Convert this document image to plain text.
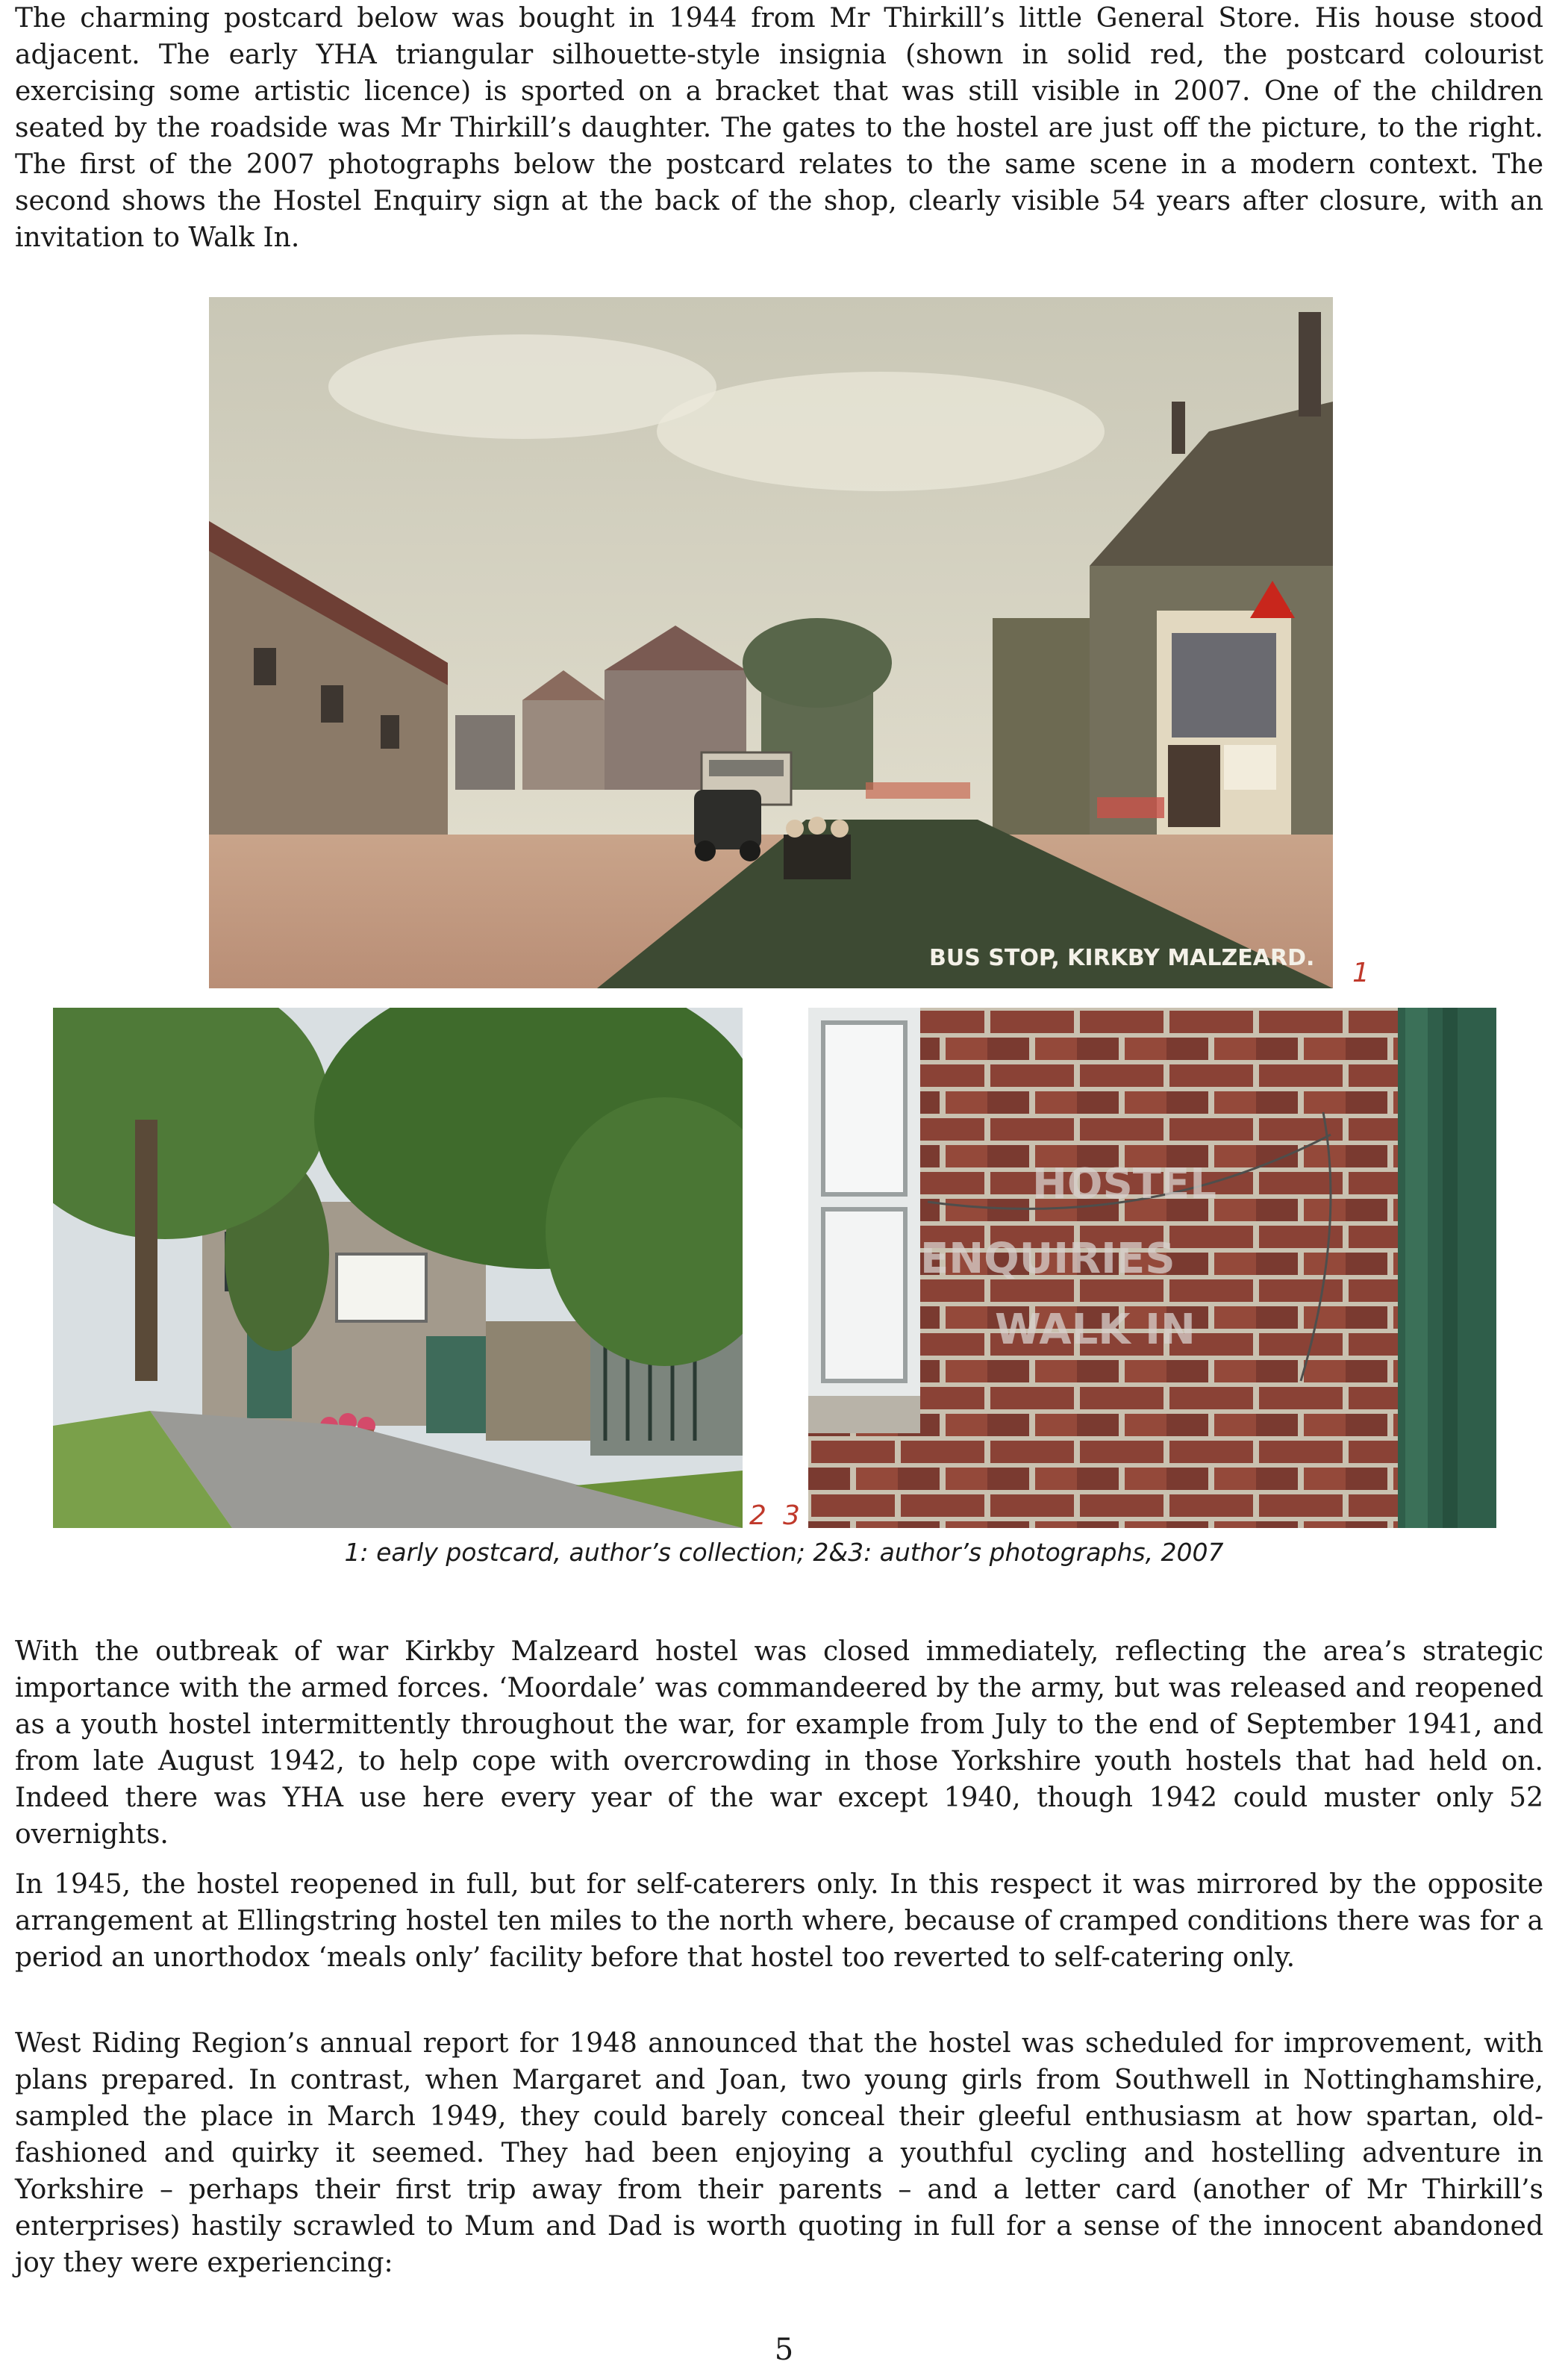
The charming postcard below was bought in 1944 from Mr Thirkill’s little General Store. His house stood adjacent. The early YHA triangular silhouette-style insignia (shown in solid red, the postcard colourist exercising some artistic licence) is sported on a bracket that was still visible in 2007. One of the children seated by the roadside was Mr Thirkill’s daughter. The gates to the hostel are just off the picture, to the right. The first of the 2007 photographs below the postcard relates to the same scene in a modern context. The second shows the Hostel Enquiry sign at the back of the shop, clearly visible 54 years after closure, with an invitation to Walk In.

BUS STOP, KIRKBY MALZEARD. 1
2 3
HOSTEL
ENQUIRIES
WALK IN
1: early postcard, author’s collection; 2&3: author’s photographs, 2007

With the outbreak of war Kirkby Malzeard hostel was closed immediately, reflecting the area’s strategic importance with the armed forces. ‘Moordale’ was commandeered by the army, but was released and reopened as a youth hostel intermittently throughout the war, for example from July to the end of September 1941, and from late August 1942, to help cope with overcrowding in those Yorkshire youth hostels that had held on. Indeed there was YHA use here every year of the war except 1940, though 1942 could muster only 52 overnights.

In 1945, the hostel reopened in full, but for self-caterers only. In this respect it was mirrored by the opposite arrangement at Ellingstring hostel ten miles to the north where, because of cramped conditions there was for a period an unorthodox ‘meals only’ facility before that hostel too reverted to self-catering only.

West Riding Region’s annual report for 1948 announced that the hostel was scheduled for improvement, with plans prepared. In contrast, when Margaret and Joan, two young girls from Southwell in Nottinghamshire, sampled the place in March 1949, they could barely conceal their gleeful enthusiasm at how spartan, old-fashioned and quirky it seemed. They had been enjoying a youthful cycling and hostelling adventure in Yorkshire – perhaps their first trip away from their parents – and a letter card (another of Mr Thirkill’s enterprises) hastily scrawled to Mum and Dad is worth quoting in full for a sense of the innocent abandoned joy they were experiencing:

5
